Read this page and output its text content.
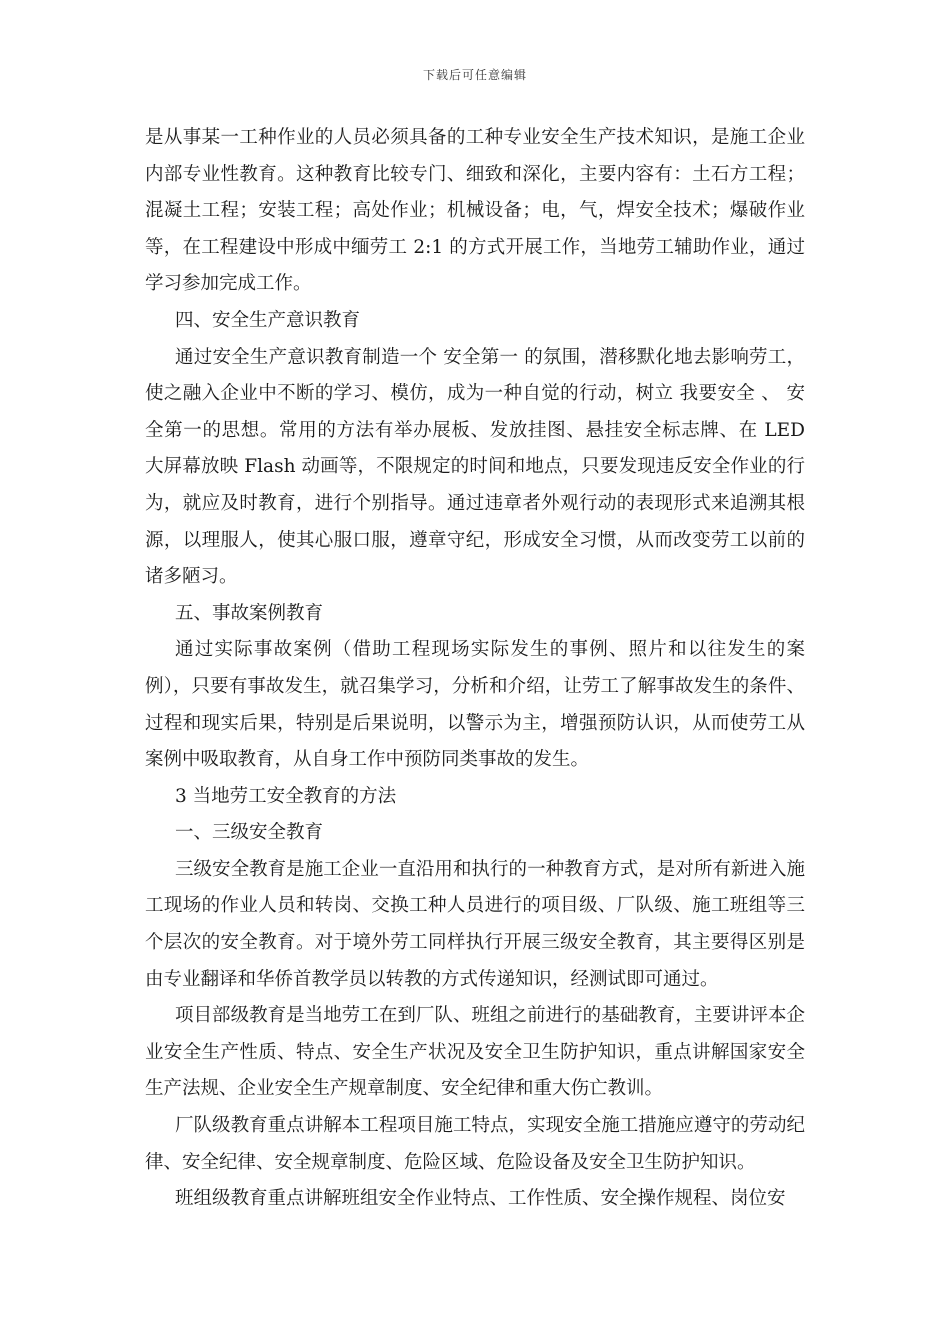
下载后可任意编辑

是从事某一工种作业的人员必须具备的工种专业安全生产技术知识，是施工企业内部专业性教育。这种教育比较专门、细致和深化，主要内容有：土石方工程；混凝土工程；安装工程；高处作业；机械设备；电，气，焊安全技术；爆破作业等，在工程建设中形成中缅劳工 2:1 的方式开展工作，当地劳工辅助作业，通过学习参加完成工作。

四、安全生产意识教育

通过安全生产意识教育制造一个 安全第一 的氛围，潜移默化地去影响劳工，使之融入企业中不断的学习、模仿，成为一种自觉的行动，树立 我要安全 、 安全第一的思想。常用的方法有举办展板、发放挂图、悬挂安全标志牌、在 LED 大屏幕放映 Flash 动画等，不限规定的时间和地点，只要发现违反安全作业的行为，就应及时教育，进行个别指导。通过违章者外观行动的表现形式来追溯其根源，以理服人，使其心服口服，遵章守纪，形成安全习惯，从而改变劳工以前的诸多陋习。

五、事故案例教育

通过实际事故案例（借助工程现场实际发生的事例、照片和以往发生的案例），只要有事故发生，就召集学习，分析和介绍，让劳工了解事故发生的条件、过程和现实后果，特别是后果说明，以警示为主，增强预防认识，从而使劳工从案例中吸取教育，从自身工作中预防同类事故的发生。

3 当地劳工安全教育的方法

一、三级安全教育

三级安全教育是施工企业一直沿用和执行的一种教育方式，是对所有新进入施工现场的作业人员和转岗、交换工种人员进行的项目级、厂队级、施工班组等三个层次的安全教育。对于境外劳工同样执行开展三级安全教育，其主要得区别是由专业翻译和华侨首教学员以转教的方式传递知识，经测试即可通过。

项目部级教育是当地劳工在到厂队、班组之前进行的基础教育，主要讲评本企业安全生产性质、特点、安全生产状况及安全卫生防护知识，重点讲解国家安全生产法规、企业安全生产规章制度、安全纪律和重大伤亡教训。

厂队级教育重点讲解本工程项目施工特点，实现安全施工措施应遵守的劳动纪律、安全纪律、安全规章制度、危险区域、危险设备及安全卫生防护知识。

班组级教育重点讲解班组安全作业特点、工作性质、安全操作规程、岗位安
